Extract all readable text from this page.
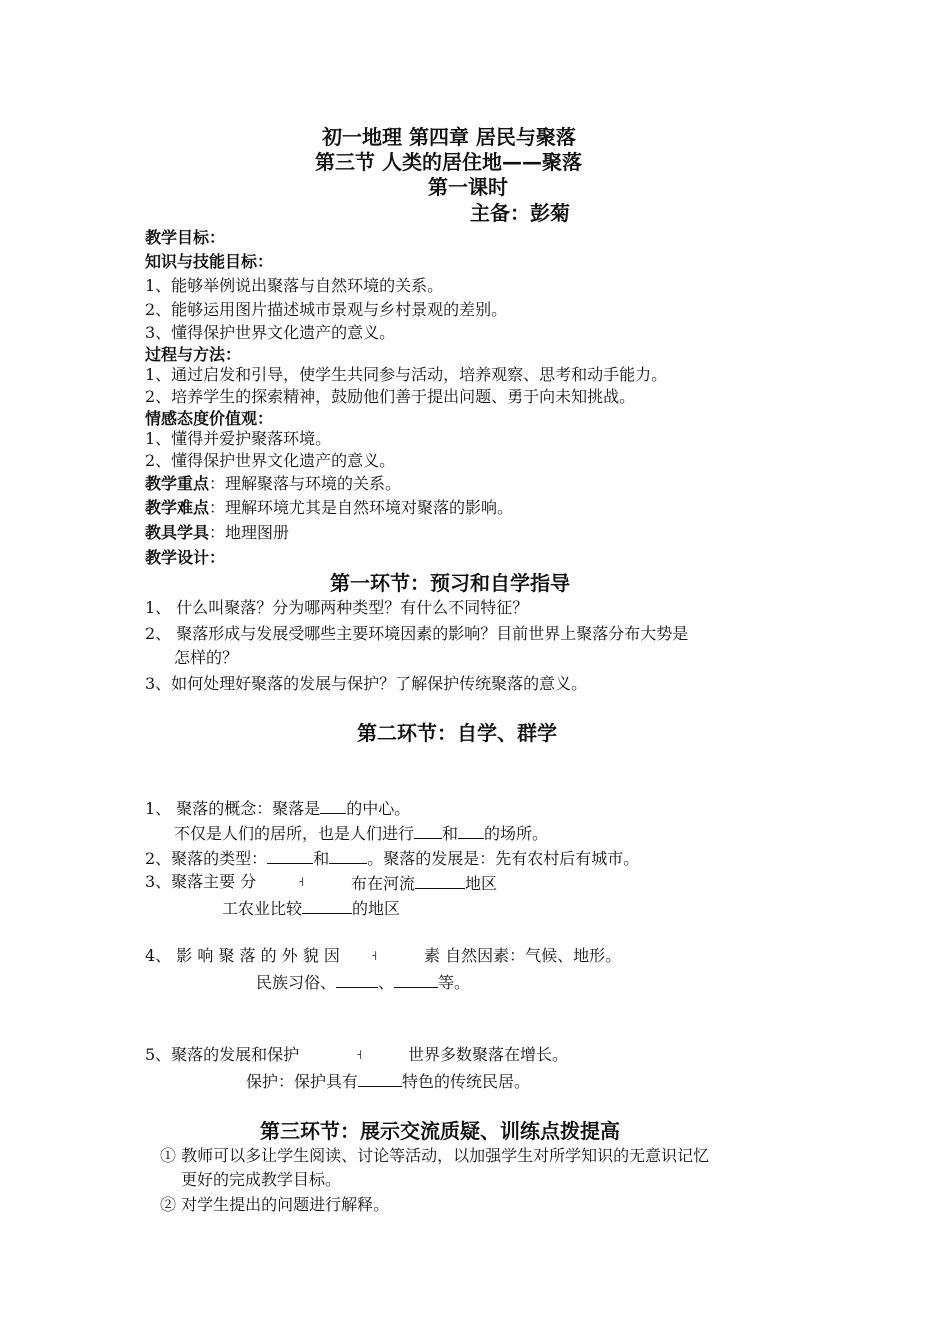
初一地理 第四章 居民与聚落
第三节 人类的居住地——聚落
第一课时
主备：彭菊
教学目标：
知识与技能目标：
1、能够举例说出聚落与自然环境的关系。
2、能够运用图片描述城市景观与乡村景观的差别。
3、懂得保护世界文化遗产的意义。
过程与方法：
1、通过启发和引导，使学生共同参与活动，培养观察、思考和动手能力。
2、培养学生的探索精神，鼓励他们善于提出问题、勇于向未知挑战。
情感态度价值观：
1、懂得并爱护聚落环境。
2、懂得保护世界文化遗产的意义。
教学重点：理解聚落与环境的关系。
教学难点：理解环境尤其是自然环境对聚落的影响。
教具学具：地理图册
教学设计：
第一环节：预习和自学指导
1、 什么叫聚落？分为哪两种类型？有什么不同特征？
2、 聚落形成与发展受哪些主要环境因素的影响？目前世界上聚落分布大势是
怎样的？
3、如何处理好聚落的发展与保护？了解保护传统聚落的意义。
第二环节：自学、群学
1、 聚落的概念：聚落是 的中心。
不仅是人们的居所，也是人们进行 和 的场所。
2、聚落的类型：	和 。聚落的发展是：先有农村后有城市。
3、聚落主要 分	˧	布在河流	地区
工农业比较	的地区
4、 影 响 聚 落 的 外 貌 因 ˧	素 自然因素：气候、地形。
民族习俗、	、	等。
5、聚落的发展和保护	˧	世界多数聚落在增长。
保护：保护具有	特色的传统民居。
第三环节：展示交流质疑、训练点拨提高
① 教师可以多让学生阅读、讨论等活动，以加强学生对所学知识的无意识记忆
更好的完成教学目标。
② 对学生提出的问题进行解释。
